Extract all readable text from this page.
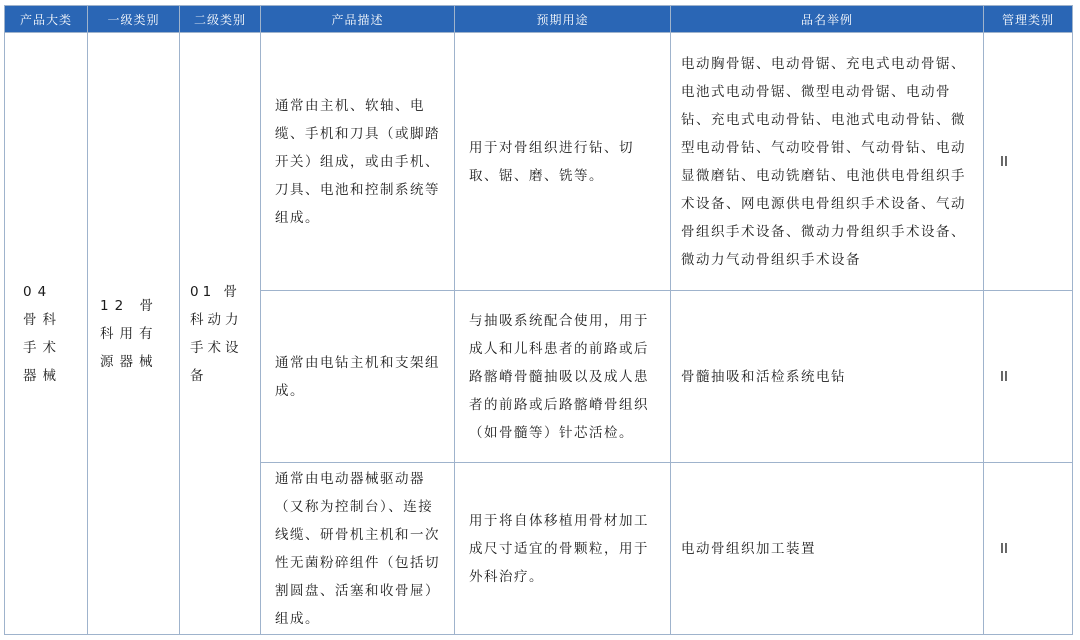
产品大类	一级类别	二级类别	产品描述	预期用途	品名举例	管理类别
04 骨科手术器械	12 骨科用有源器械	01 骨科动力手术设备	通常由主机、软轴、电缆、手机和刀具（或脚踏开关）组成，或由手机、刀具、电池和控制系统等组成。	用于对骨组织进行钻、切取、锯、磨、铣等。	电动胸骨锯、电动骨锯、充电式电动骨锯、电池式电动骨锯、微型电动骨锯、电动骨钻、充电式电动骨钻、电池式电动骨钻、微型电动骨钻、气动咬骨钳、气动骨钻、电动显微磨钻、电动铣磨钻、电池供电骨组织手术设备、网电源供电骨组织手术设备、气动骨组织手术设备、微动力骨组织手术设备、微动力气动骨组织手术设备	II
			通常由电钻主机和支架组成。	与抽吸系统配合使用，用于成人和儿科患者的前路或后路髂嵴骨髓抽吸以及成人患者的前路或后路髂嵴骨组织（如骨髓等）针芯活检。	骨髓抽吸和活检系统电钻	II
			通常由电动器械驱动器（又称为控制台）、连接线缆、研骨机主机和一次性无菌粉碎组件（包括切割圆盘、活塞和收骨屉）组成。	用于将自体移植用骨材加工成尺寸适宜的骨颗粒，用于外科治疗。	电动骨组织加工装置	II
